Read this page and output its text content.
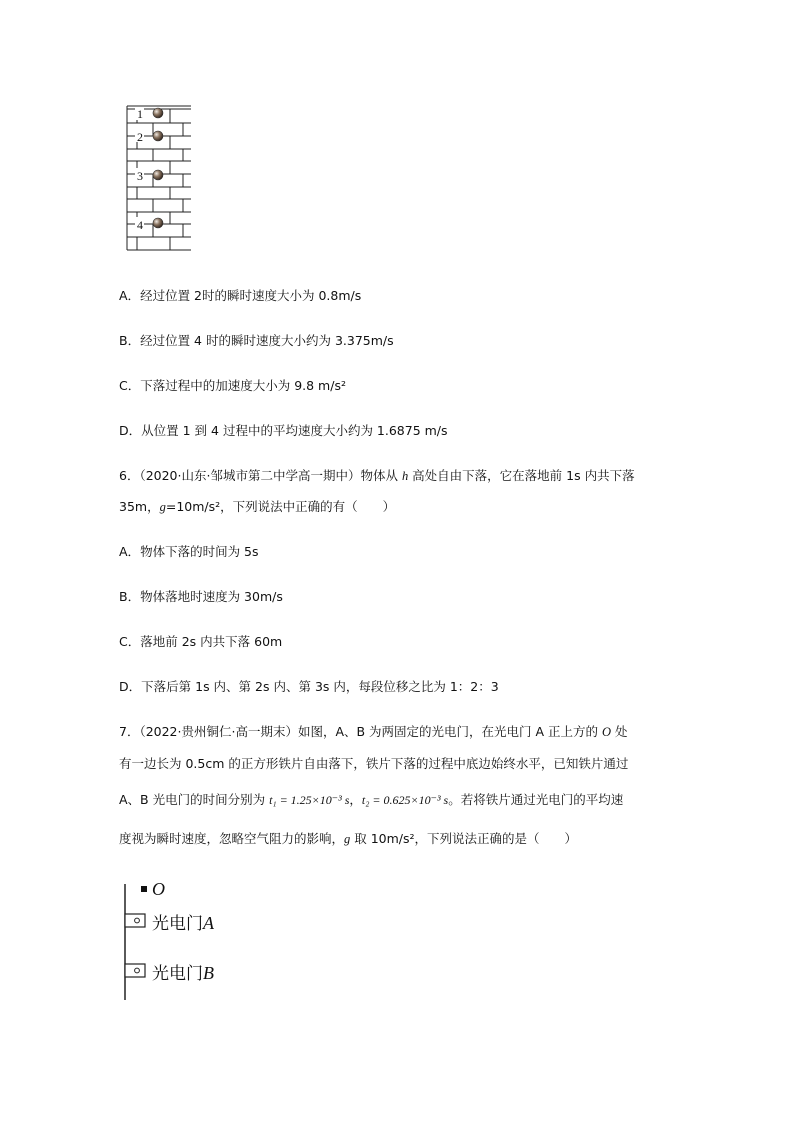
1
2
3
4
A．经过位置 2时的瞬时速度大小为 0.8m/s
B．经过位置 4 时的瞬时速度大小约为 3.375m/s
C．下落过程中的加速度大小为 9.8 m/s²
D．从位置 1 到 4 过程中的平均速度大小约为 1.6875 m/s
6．（2020·山东·邹城市第二中学高一期中）物体从 h 高处自由下落，它在落地前 1s 内共下落
35m，g=10m/s²，下列说法中正确的有（　　）
A．物体下落的时间为 5s
B．物体落地时速度为 30m/s
C．落地前 2s 内共下落 60m
D．下落后第 1s 内、第 2s 内、第 3s 内，每段位移之比为 1：2：3
7．（2022·贵州铜仁·高一期末）如图，A、B 为两固定的光电门，在光电门 A 正上方的 O 处
有一边长为 0.5cm 的正方形铁片自由落下，铁片下落的过程中底边始终水平，已知铁片通过
A、B 光电门的时间分别为 t₁ = 1.25×10⁻³ s，t₂ = 0.625×10⁻³ s。若将铁片通过光电门的平均速
度视为瞬时速度，忽略空气阻力的影响，g 取 10m/s²，下列说法正确的是（　　）
O
光电门A
光电门B
